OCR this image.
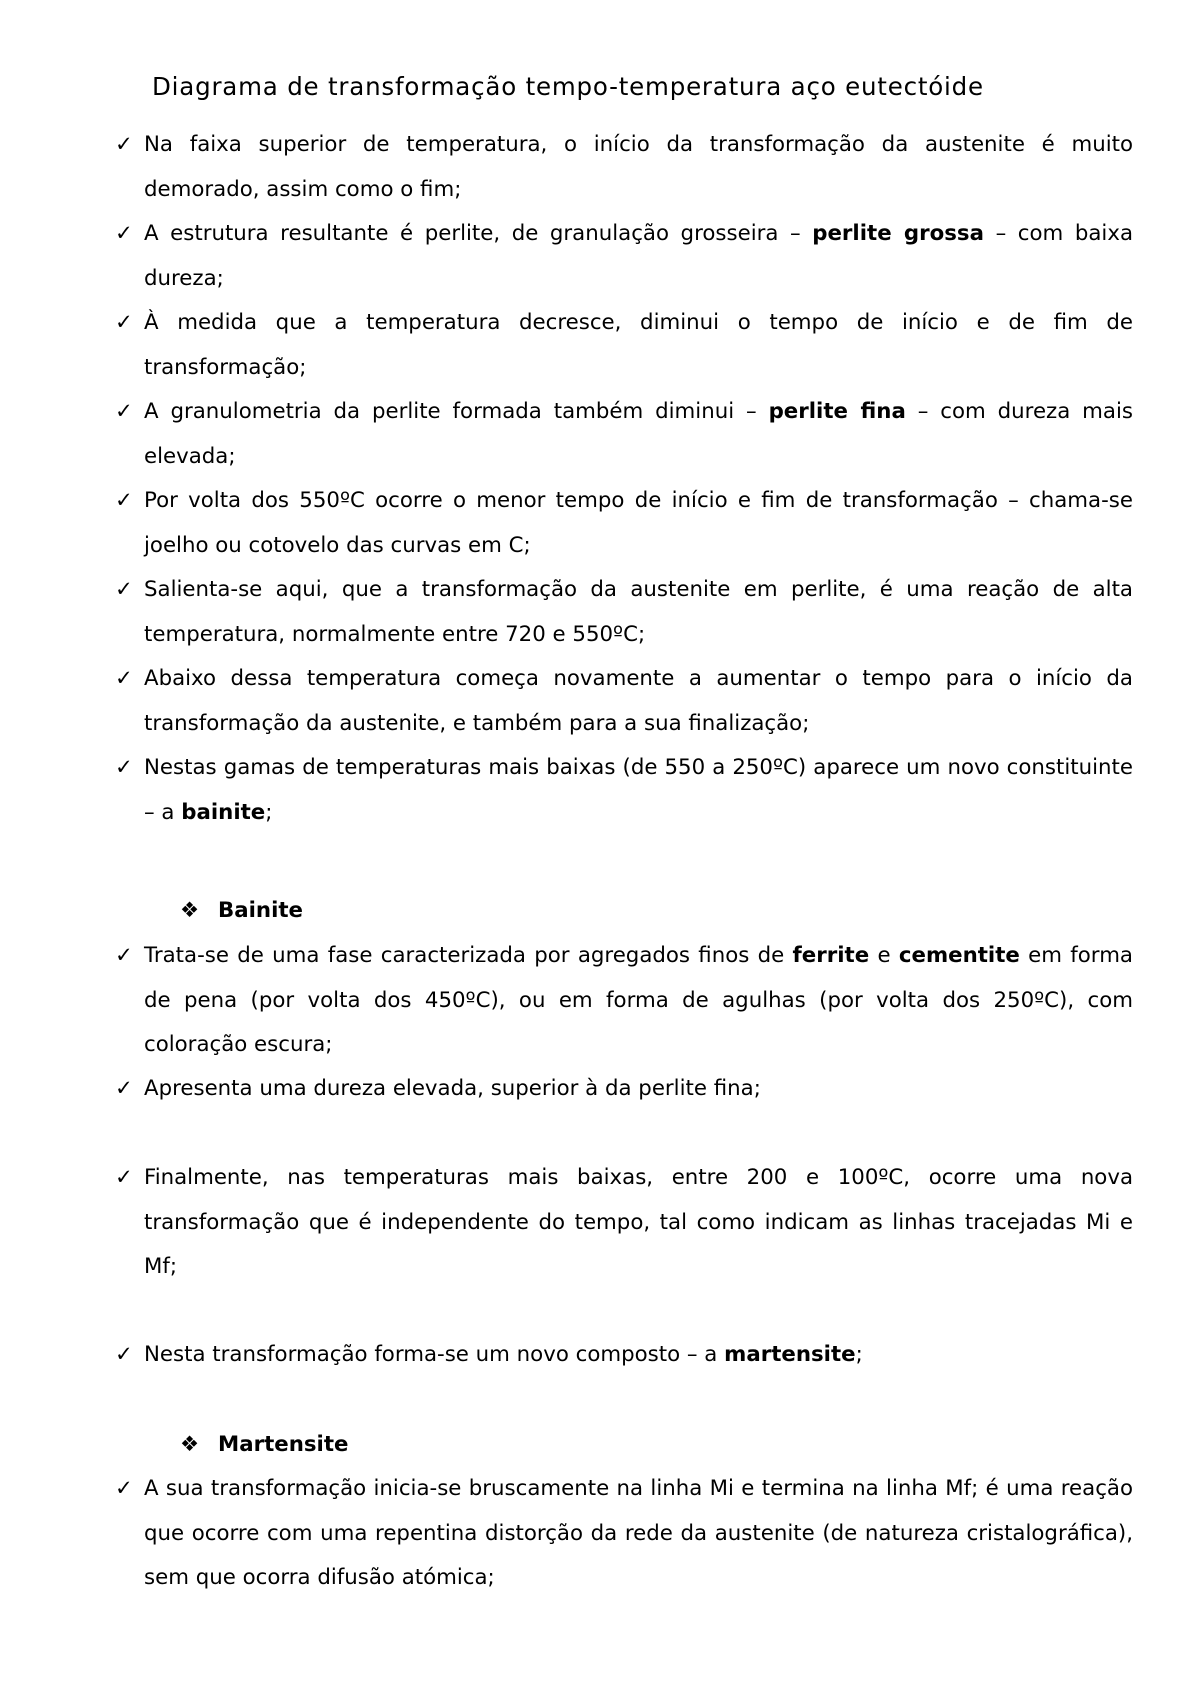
Diagrama de transformação tempo-temperatura aço eutectóide
✓ Na faixa superior de temperatura, o início da transformação da austenite é muito demorado, assim como o fim;
✓ A estrutura resultante é perlite, de granulação grosseira – perlite grossa – com baixa dureza;
✓ À medida que a temperatura decresce, diminui o tempo de início e de fim de transformação;
✓ A granulometria da perlite formada também diminui – perlite fina – com dureza mais elevada;
✓ Por volta dos 550ºC ocorre o menor tempo de início e fim de transformação – chama-se joelho ou cotovelo das curvas em C;
✓ Salienta-se aqui, que a transformação da austenite em perlite, é uma reação de alta temperatura, normalmente entre 720 e 550ºC;
✓ Abaixo dessa temperatura começa novamente a aumentar o tempo para o início da transformação da austenite, e também para a sua finalização;
✓ Nestas gamas de temperaturas mais baixas (de 550 a 250ºC) aparece um novo constituinte – a bainite;
❖ Bainite
✓ Trata-se de uma fase caracterizada por agregados finos de ferrite e cementite em forma de pena (por volta dos 450ºC), ou em forma de agulhas (por volta dos 250ºC), com coloração escura;
✓ Apresenta uma dureza elevada, superior à da perlite fina;
✓ Finalmente, nas temperaturas mais baixas, entre 200 e 100ºC, ocorre uma nova transformação que é independente do tempo, tal como indicam as linhas tracejadas Mi e Mf;
✓ Nesta transformação forma-se um novo composto – a martensite;
❖ Martensite
✓ A sua transformação inicia-se bruscamente na linha Mi e termina na linha Mf; é uma reação que ocorre com uma repentina distorção da rede da austenite (de natureza cristalográfica), sem que ocorra difusão atómica;
